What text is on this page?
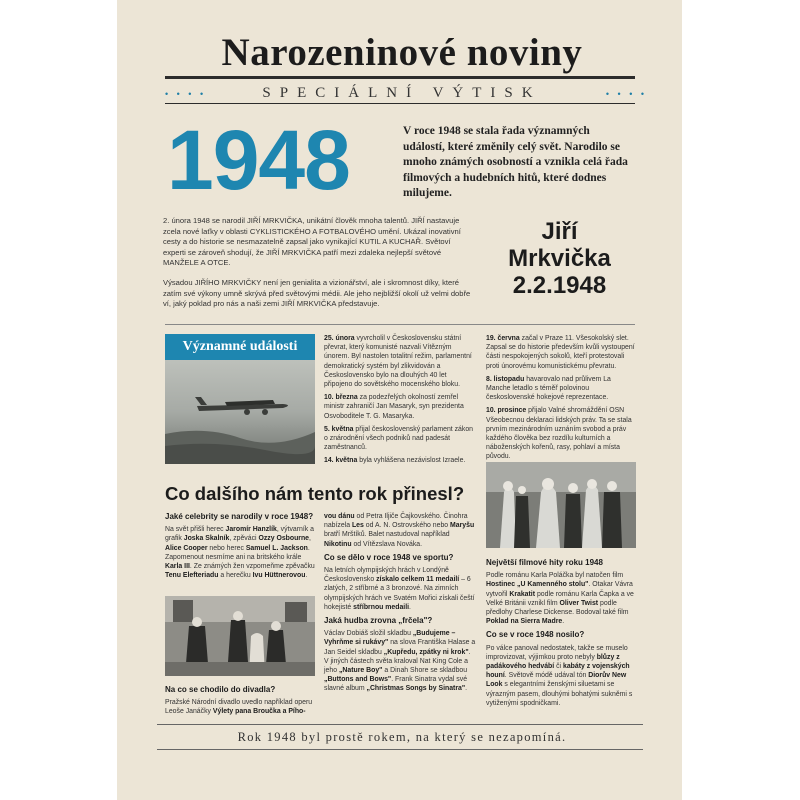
Narozeninové noviny
• • • •	SPECIÁLNÍ VÝTISK	• • • •
1948	V roce 1948 se stala řada významných událostí, které změnily celý svět. Narodilo se mnoho známých osobností a vznikla celá řada filmových a hudebních hitů, které dodnes milujeme.

2. února 1948 se narodil JIŘÍ MRKVIČKA, unikátní člověk mnoha talentů. JIŘÍ nastavuje zcela nové laťky v oblasti CYKLISTICKÉHO A FOTBALOVÉHO umění. Ukázal inovativní cesty a do historie se nesmazatelně zapsal jako vynikající KUTIL A KUCHAŘ. Světoví experti se zároveň shodují, že JIŘÍ MRKVIČKA patří mezi zdaleka nejlepší světové MANŽELE A OTCE.

Výsadou JIŘÍHO MRKVIČKY není jen genialita a vizionářství, ale i skromnost díky, které zatím své výkony umně skrývá před světovými médii. Ale jeho nejbližší okolí už velmi dobře ví, jaký poklad pro nás a naši zemi JIŘÍ MRKVIČKA představuje.

Jiří
Mrkvička
2.2.1948
Významné události

25. února vyvrcholil v Československu státní převrat, který komunisté nazvali Vítězným únorem. Byl nastolen totalitní režim, parlamentní demokratický systém byl zlikvidován a Československo bylo na dlouhých 40 let připojeno do sovětského mocenského bloku.

10. března za podezřelých okolností zemřel ministr zahraničí Jan Masaryk, syn prezidenta Osvoboditele T. G. Masaryka.

5. května přijal československý parlament zákon o znárodnění všech podniků nad padesát zaměstnanců.

14. května byla vyhlášena nezávislost Izraele.

19. června začal v Praze 11. Všesokolský slet. Zapsal se do historie především kvůli vystoupení části nespokojených sokolů, kteří protestovali proti únorovému komunistickému převratu.

8. listopadu havarovalo nad průlivem La Manche letadlo s téměř polovinou československé hokejové reprezentace.

10. prosince přijalo Valné shromáždění OSN Všeobecnou deklaraci lidských práv. Ta se stala prvním mezinárodním uznáním svobod a práv každého člověka bez rozdílu kulturních a náboženských kořenů, rasy, pohlaví a místa původu.

Co dalšího nám tento rok přinesl?

Jaké celebrity se narodily v roce 1948?

Na svět přišli herec Jaromír Hanzlík, výtvarník a grafik Joska Skalník, zpěváci Ozzy Osbourne, Alice Cooper nebo herec Samuel L. Jackson. Zapomenout nesmíme ani na britského krále Karla III. Ze známých žen vzpomeňme zpěvačku Tenu Elefteriadu a herečku Ivu Hüttnerovou.

Na co se chodilo do divadla?

Pražské Národní divadlo uvedlo například operu Leoše Janáčky Výlety pana Broučka a Pího-

vou dánu od Petra Iljiče Čajkovského. Činohra nabízela Les od A. N. Ostrovského nebo Maryšu bratří Mrštíků. Balet nastudoval například Nikotinu od Vítězslava Nováka.

Co se dělo v roce 1948 ve sportu?

Na letních olympijských hrách v Londýně Československo získalo celkem 11 medailí – 6 zlatých, 2 stříbrné a 3 bronzové. Na zimních olympijských hrách ve Svatém Mořici získali čeští hokejisté stříbrnou medaili.

Jaká hudba zrovna „frčela"?

Václav Dobiáš složil skladbu „Budujeme – Vyhrňme si rukávy" na slova Františka Halase a Jan Seidel skladbu „Kupředu, zpátky ni krok". V jiných částech světa kraloval Nat King Cole a jeho „Nature Boy" a Dinah Shore se skladbou „Buttons and Bows". Frank Sinatra vydal své slavné album „Christmas Songs by Sinatra".

Největší filmové hity roku 1948

Podle románu Karla Poláčka byl natočen film Hostinec „U Kamenného stolu". Otakar Vávra vytvořil Krakatit podle románu Karla Čapka a ve Velké Británii vznikl film Oliver Twist podle předlohy Charlese Dickense. Bodoval také film Poklad na Sierra Madre.

Co se v roce 1948 nosilo?

Po válce panoval nedostatek, takže se muselo improvizovat, výjimkou proto nebyly blůzy z padákového hedvábí či kabáty z vojenských houní. Světově módě udával tón Diorův New Look s elegantními ženskými siluetami se výrazným pasem, dlouhými bohatými sukněmi s vytiženými spodničkami.

Rok 1948 byl prostě rokem, na který se nezapomíná.
